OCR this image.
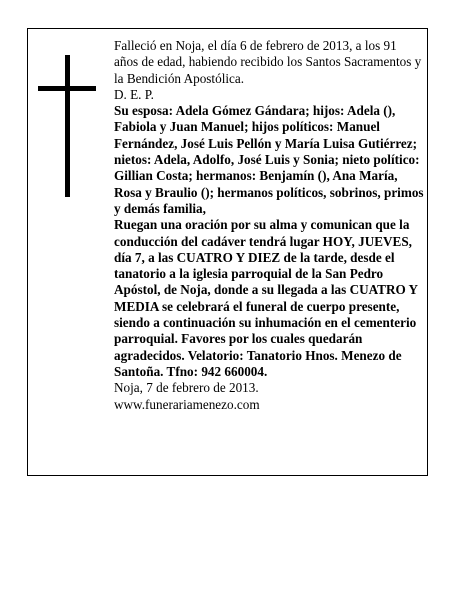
Falleció en Noja, el día 6 de febrero de 2013, a los 91 años de edad, habiendo recibido los Santos Sacramentos y la Bendición Apostólica.

D. E. P.

Su esposa: Adela Gómez Gándara; hijos: Adela (), Fabiola y Juan Manuel; hijos políticos: Manuel Fernández, José Luis Pellón y María Luisa Gutiérrez; nietos: Adela, Adolfo, José Luis y Sonia; nieto político: Gillian Costa; hermanos: Benjamín (), Ana María, Rosa y Braulio (); hermanos políticos, sobrinos, primos y demás familia,

Ruegan una oración por su alma y comunican que la conducción del cadáver tendrá lugar HOY, JUEVES, día 7, a las CUATRO Y DIEZ de la tarde, desde el tanatorio a la iglesia parroquial de la San Pedro Apóstol, de Noja, donde a su llegada a las CUATRO Y MEDIA se celebrará el funeral de cuerpo presente, siendo a continuación su inhumación en el cementerio parroquial. Favores por los cuales quedarán agradecidos. Velatorio: Tanatorio Hnos. Menezo de Santoña. Tfno: 942 660004.

Noja, 7 de febrero de 2013.

www.funerariamenezo.com
